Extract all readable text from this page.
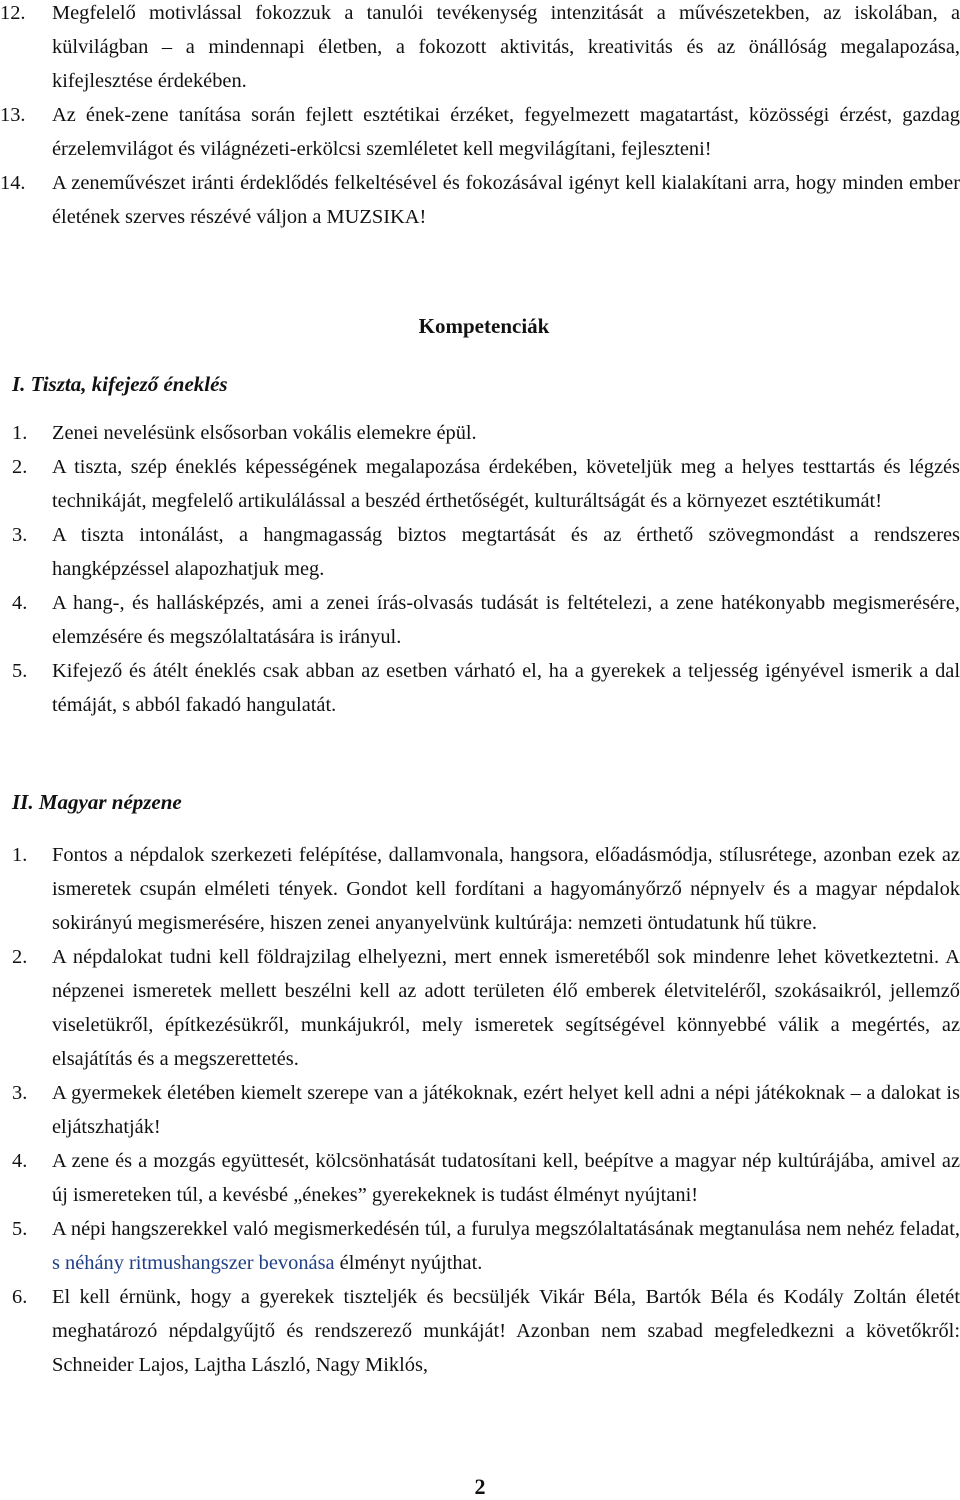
12. Megfelelő motivlással fokozzuk a tanulói tevékenység intenzitását a művészetekben, az iskolában, a külvilágban – a mindennapi életben, a fokozott aktivitás, kreativitás és az önállóság megalapozása, kifejlesztése érdekében.
13. Az ének-zene tanítása során fejlett esztétikai érzéket, fegyelmezett magatartást, közösségi érzést, gazdag érzelemvilágot és világnézeti-erkölcsi szemléletet kell megvilágítani, fejleszteni!
14. A zeneművészet iránti érdeklődés felkeltésével és fokozásával igényt kell kialakítani arra, hogy minden ember életének szerves részévé váljon a MUZSIKA!
Kompetenciák
I. Tiszta, kifejező éneklés
1. Zenei nevelésünk elsősorban vokális elemekre épül.
2. A tiszta, szép éneklés képességének megalapozása érdekében, követeljük meg a helyes testtartás és légzés technikáját, megfelelő artikulálással a beszéd érthetőségét, kulturáltságát és a környezet esztétikumát!
3. A tiszta intonálást, a hangmagasság biztos megtartását és az érthető szövegmondást a rendszeres hangképzéssel alapozhatjuk meg.
4. A hang-, és hallásképzés, ami a zenei írás-olvasás tudását is feltételezi, a zene hatékonyabb megismerésére, elemzésére és megszólaltatására is irányul.
5. Kifejező és átélt éneklés csak abban az esetben várható el, ha a gyerekek a teljesség igényével ismerik a dal témáját, s abból fakadó hangulatát.
II. Magyar népzene
1. Fontos a népdalok szerkezeti felépítése, dallamvonala, hangsora, előadásmódja, stílusrétege, azonban ezek az ismeretek csupán elméleti tények. Gondot kell fordítani a hagyományőrző népnyelv és a magyar népdalok sokirányú megismerésére, hiszen zenei anyanyelvünk kultúrája: nemzeti öntudatunk hű tükre.
2. A népdalokat tudni kell földrajzilag elhelyezni, mert ennek ismeretéből sok mindenre lehet következtetni. A népzenei ismeretek mellett beszélni kell az adott területen élő emberek életviteléről, szokásaikról, jellemző viseletükről, építkezésükről, munkájukról, mely ismeretek segítségével könnyebbé válik a megértés, az elsajátítás és a megszerettetés.
3. A gyermekek életében kiemelt szerepe van a játékoknak, ezért helyet kell adni a népi játékoknak – a dalokat is eljátszhatják!
4. A zene és a mozgás együttesét, kölcsönhatását tudatosítani kell, beépítve a magyar nép kultúrájába, amivel az új ismereteken túl, a kevésbé „énekes” gyerekeknek is tudást élményt nyújtani!
5. A népi hangszerekkel való megismerkedésén túl, a furulya megszólaltatásának megtanulása nem nehéz feladat, s néhány ritmushangszer bevonása élményt nyújthat.
6. El kell érnünk, hogy a gyerekek tiszteljék és becsüljék Vikár Béla, Bartók Béla és Kodály Zoltán életét meghatározó népdalgyűjtő és rendszerező munkáját! Azonban nem szabad megfeledkezni a követőkről: Schneider Lajos, Lajtha László, Nagy Miklós,
2
